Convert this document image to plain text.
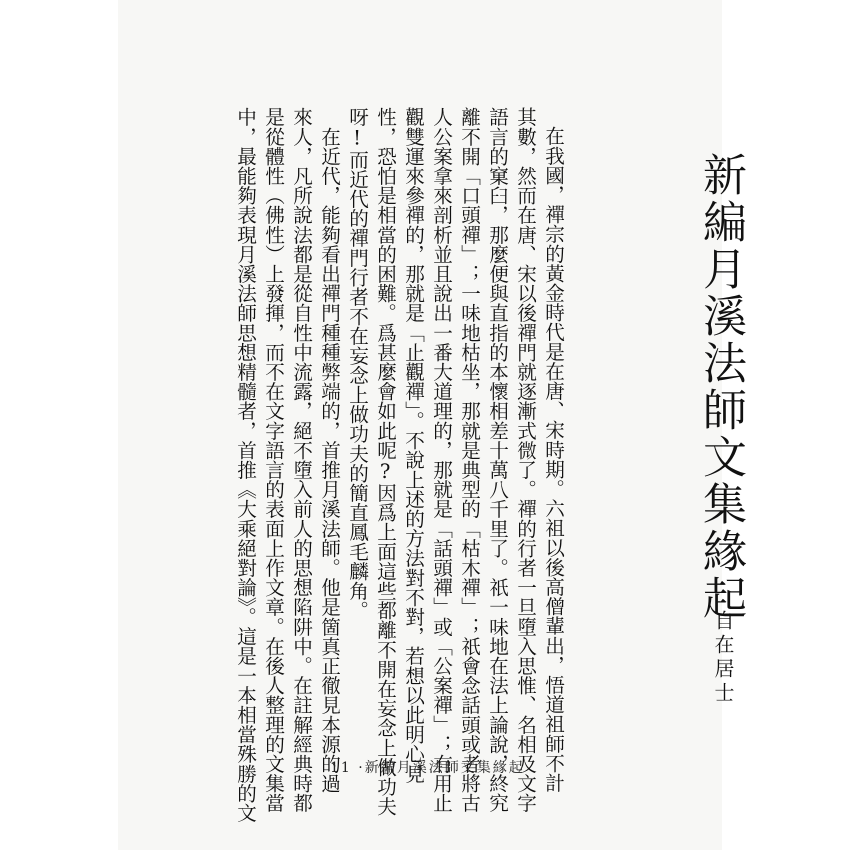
新編月溪法師文集緣起
自在居士
在我國，禪宗的黃金時代是在唐、宋時期。六祖以後高僧輩出，悟道祖師不計
其數，然而在唐、宋以後禪門就逐漸式微了。禪的行者一旦墮入思惟、名相及文字
語言的窠臼，那麼便與直指的本懷相差十萬八千里了。祇一味地在法上論說，終究
離不開「口頭禪」；一味地枯坐，那就是典型的「枯木禪」；祇會念話頭或者將古
人公案拿來剖析並且說出一番大道理的，那就是「話頭禪」或「公案禪」；有用止
觀雙運來參禪的，那就是「止觀禪」。不說上述的方法對不對，若想以此明心見
性，恐怕是相當的困難。爲甚麼會如此呢?因爲上面這些都離不開在妄念上做功夫
呀!而近代的禪門行者不在妄念上做功夫的簡直鳳毛麟角。
　在近代，能夠看出禪門種種弊端的，首推月溪法師。他是箇真正徹見本源的過
來人，凡所說法都是從自性中流露，絕不墮入前人的思想陷阱中。在註解經典時都
是從體性（佛性）上發揮，而不在文字語言的表面上作文章。在後人整理的文集當
中，最能夠表現月溪法師思想精髓者，首推《大乘絕對論》。這是一本相當殊勝的文	11 ·新編月溪法師文集緣起
